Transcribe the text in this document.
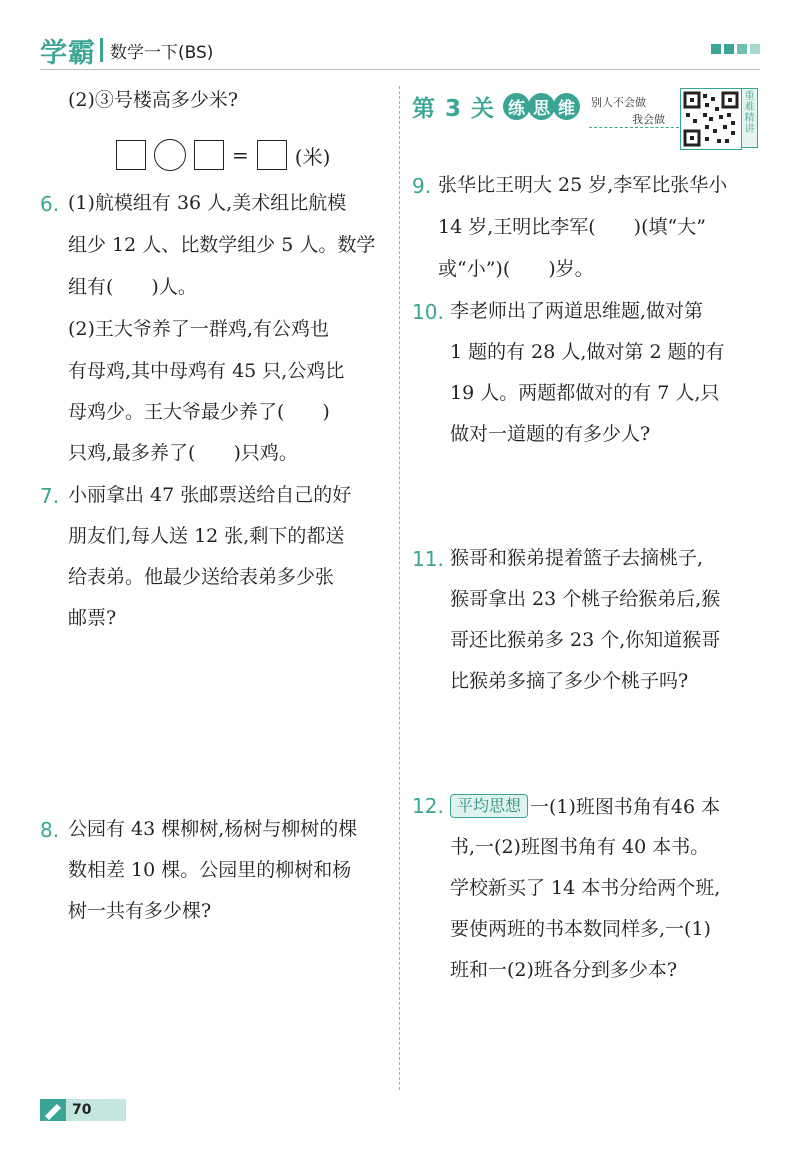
学霸 数学一下(BS)
(2)③号楼高多少米?
= (米)
6. (1)航模组有 36 人,美术组比航模
组少 12 人、比数学组少 5 人。数学
组有(　　)人。
(2)王大爷养了一群鸡,有公鸡也
有母鸡,其中母鸡有 45 只,公鸡比
母鸡少。王大爷最少养了(　　)
只鸡,最多养了(　　)只鸡。
7. 小丽拿出 47 张邮票送给自己的好
朋友们,每人送 12 张,剩下的都送
给表弟。他最少送给表弟多少张
邮票?
8. 公园有 43 棵柳树,杨树与柳树的棵
数相差 10 棵。公园里的柳树和杨
树一共有多少棵?
第 3 关 练 思 维	别人不会做
我会做
重难精讲
9. 张华比王明大 25 岁,李军比张华小
14 岁,王明比李军(　　)(填“大”
或“小”)(　　)岁。
10. 李老师出了两道思维题,做对第
1 题的有 28 人,做对第 2 题的有
19 人。两题都做对的有 7 人,只
做对一道题的有多少人?
11. 猴哥和猴弟提着篮子去摘桃子,
猴哥拿出 23 个桃子给猴弟后,猴
哥还比猴弟多 23 个,你知道猴哥
比猴弟多摘了多少个桃子吗?
12. 平均思想 一(1)班图书角有46 本
书,一(2)班图书角有 40 本书。
学校新买了 14 本书分给两个班,
要使两班的书本数同样多,一(1)
班和一(2)班各分到多少本?
70
